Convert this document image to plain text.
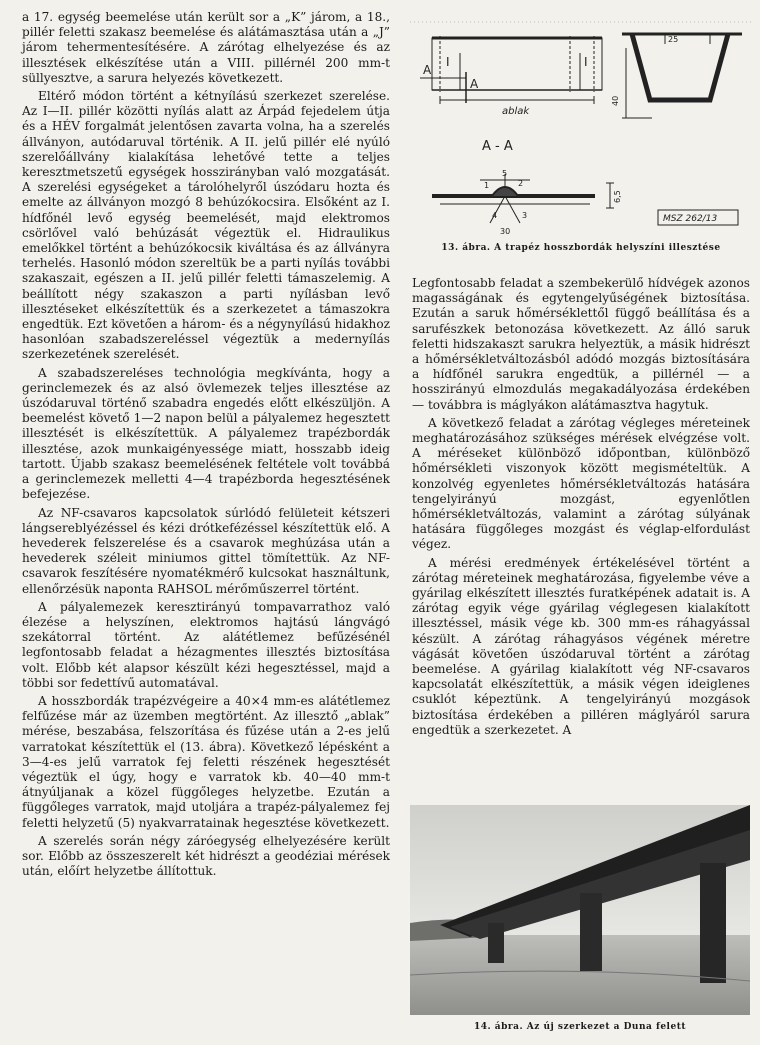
a 17. egység beemelése után került sor a „K” járom, a 18., pillér feletti szakasz beemelése és alátámasztása után a „J” járom tehermentesítésére. A zárótag elhelyezése és az illesztések elkészítése után a VIII. pillérnél 200 mm-t süllyesztve, a sarura helyezés következett.

Eltérő módon történt a kétnyílású szerkezet szerelése. Az I—II. pillér közötti nyílás alatt az Árpád fejedelem útja és a HÉV forgalmát jelentősen zavarta volna, ha a szerelés állványon, autódaruval történik. A II. jelű pillér elé nyúló szerelőállvány kialakítása lehetővé tette a teljes keresztmetszetű egységek hosszirányban való mozgatását. A szerelési egységeket a tárolóhelyről úszódaru hozta és emelte az állványon mozgó 8 behúzókocsira. Elsőként az I. hídfőnél levő egység beemelését, majd elektromos csörlővel való behúzását végeztük el. Hidraulikus emelőkkel történt a behúzókocsik kiváltása és az állványra terhelés. Hasonló módon szereltük be a parti nyílás további szakaszait, egészen a II. jelű pillér feletti támaszelemig. A beállított négy szakaszon a parti nyílásban levő illesztéseket elkészítettük és a szerkezetet a támaszokra engedtük. Ezt követően a három- és a négynyílású hidakhoz hasonlóan szabadszereléssel végeztük a medernyílás szerkezetének szerelését.

A szabadszereléses technológia megkívánta, hogy a gerinclemezek és az alsó övlemezek teljes illesztése az úszódaruval történő szabadra engedés előtt elkészüljön. A beemelést követő 1—2 napon belül a pályalemez hegesztett illesztését is elkészítettük. A pályalemez trapézbordák illesztése, azok munkaigényessége miatt, hosszabb ideig tartott. Újabb szakasz beemelésének feltétele volt továbbá a gerinclemezek melletti 4—4 trapézborda hegesztésének befejezése.

Az NF-csavaros kapcsolatok súrlódó felületeit kétszeri lángsereblyézéssel és kézi drótkefézéssel készítettük elő. A hevederek felszerelése és a csavarok meghúzása után a hevederek széleit miniumos gittel tömítettük. Az NF-csavarok feszítésére nyomatékmérő kulcsokat használtunk, ellenőrzésük naponta RAHSOL mérőműszerrel történt.

A pályalemezek keresztirányú tompavarrathoz való élezése a helyszínen, elektromos hajtású lángvágó szekátorral történt. Az alátétlemez befűzésénél legfontosabb feladat a hézagmentes illesztés biztosítása volt. Előbb két alapsor készült kézi hegesztéssel, majd a többi sor fedettívű automatával.

A hosszbordák trapézvégeire a 40×4 mm-es alátétlemez felfűzése már az üzemben megtörtént. Az illesztő „ablak” mérése, beszabása, felszorítása és fűzése után a 2-es jelű varratokat készítettük el (13. ábra). Következő lépésként a 3—4-es jelű varratok fej feletti részének hegesztését végeztük el úgy, hogy e varratok kb. 40—40 mm-t átnyúljanak a közel függőleges helyzetbe. Ezután a függőleges varratok, majd utoljára a trapéz-pályalemez fej feletti helyzetű (5) nyakvarratainak hegesztése következett.

A szerelés során négy záróegység elhelyezésére került sor. Előbb az összeszerelt két hidrészt a geodéziai mérések után, előírt helyzetbe állítottuk.

A
A
I	I
ablak
A - A
25
40
5
2
1
4	3
30
6,5
MSZ 262/13
13. ábra. A trapéz hosszbordák helyszíni illesztése

Legfontosabb feladat a szembekerülő hídvégek azonos magasságának és egytengelyűségének biztosítása. Ezután a saruk hőmérséklettől függő beállítása és a sarufészkek betonozása következett. Az álló saruk feletti hidszakaszt sarukra helyeztük, a másik hidrészt a hőmérsékletváltozásból adódó mozgás biztosítására a hídfőnél sarukra engedtük, a pillérnél — a hosszirányú elmozdulás megakadályozása érdekében — továbbra is máglyákon alátámasztva hagytuk.

A következő feladat a zárótag végleges méreteinek meghatározásához szükséges mérések elvégzése volt. A méréseket különböző időpontban, különböző hőmérsékleti viszonyok között megismételtük. A konzolvég egyenletes hőmérsékletváltozás hatására tengelyirányú mozgást, egyenlőtlen hőmérsékletváltozás, valamint a zárótag súlyának hatására függőleges mozgást és véglap-elfordulást végez.

A mérési eredmények értékelésével történt a zárótag méreteinek meghatározása, figyelembe véve a gyárilag elkészített illesztés furatképének adatait is. A zárótag egyik vége gyárilag véglegesen kialakított illesztéssel, másik vége kb. 300 mm-es ráhagyással készült. A zárótag ráhagyásos végének méretre vágását követően úszódaruval történt a zárótag beemelése. A gyárilag kialakított vég NF-csavaros kapcsolatát elkészítettük, a másik végen ideiglenes csuklót képeztünk. A tengelyirányú mozgások biztosítása érdekében a pilléren máglyáról sarura engedtük a szerkezetet. A

14. ábra. Az új szerkezet a Duna felett
